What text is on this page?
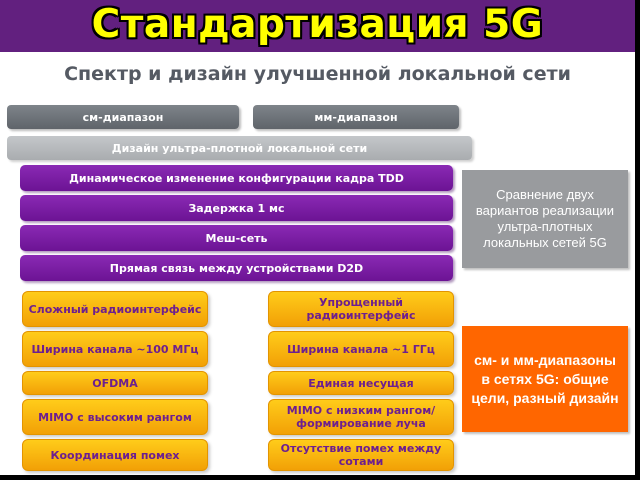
Стандартизация 5G
Спектр и дизайн улучшенной локальной сети
см-диапазон	мм-диапазон
Дизайн ультра-плотной локальной сети
Динамическое изменение конфигурации кадра TDD
Задержка 1 мс
Меш-сеть
Прямая связь между устройствами D2D
Сложный радиоинтерфейс
Ширина канала ~100 МГц
OFDMA
MIMO с высоким рангом
Координация помех
Упрощенный радиоинтерфейс
Ширина канала ~1 ГГц
Единая несущая
MIMO с низким рангом/ формирование луча
Отсутствие помех между сотами
Сравнение двух вариантов реализации ультра-плотных локальных сетей 5G
см- и мм-диапазоны в сетях 5G: общие цели, разный дизайн
